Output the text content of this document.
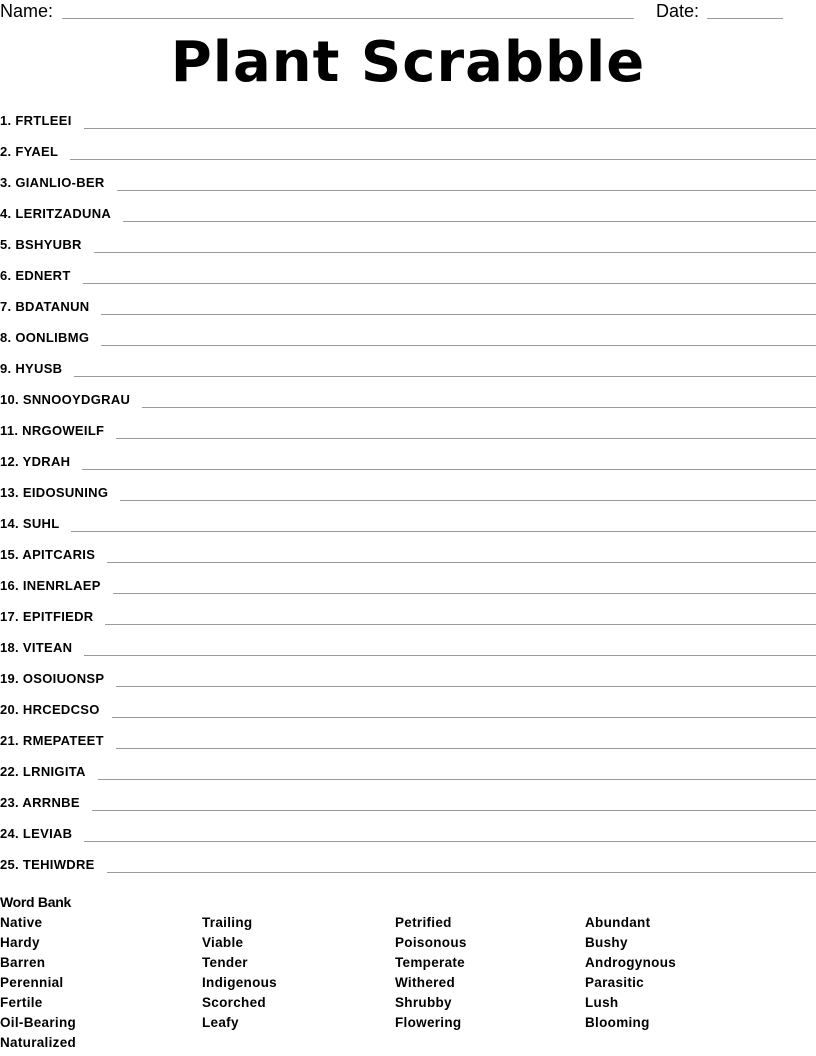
Name:	Date:
Plant Scrabble
1. FRTLEEI
2. FYAEL
3. GIANLIO-BER
4. LERITZADUNA
5. BSHYUBR
6. EDNERT
7. BDATANUN
8. OONLIBMG
9. HYUSB
10. SNNOOYDGRAU
11. NRGOWEILF
12. YDRAH
13. EIDOSUNING
14. SUHL
15. APITCARIS
16. INENRLAEP
17. EPITFIEDR
18. VITEAN
19. OSOIUONSP
20. HRCEDCSO
21. RMEPATEET
22. LRNIGITA
23. ARRNBE
24. LEVIAB
25. TEHIWDRE
Word Bank
Native
Hardy
Barren
Perennial
Fertile
Oil-Bearing
Naturalized
Trailing
Viable
Tender
Indigenous
Scorched
Leafy
Petrified
Poisonous
Temperate
Withered
Shrubby
Flowering
Abundant
Bushy
Androgynous
Parasitic
Lush
Blooming
